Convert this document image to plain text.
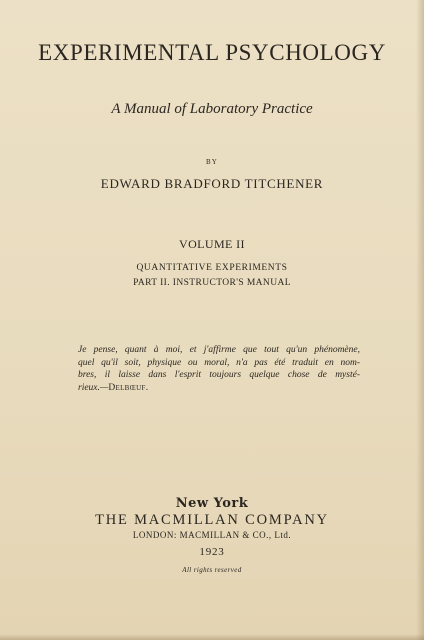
EXPERIMENTAL PSYCHOLOGY
A Manual of Laboratory Practice
BY
EDWARD BRADFORD TITCHENER
VOLUME II
QUANTITATIVE EXPERIMENTS
PART II. INSTRUCTOR'S MANUAL
Je pense, quant à moi, et j'affirme que tout qu'un phénomène,
quel qu'il soit, physique ou moral, n'a pas été traduit en nom-
bres, il laisse dans l'esprit toujours quelque chose de mysté-
rieux.—Delbœuf.
New York
THE MACMILLAN COMPANY
LONDON: MACMILLAN & CO., Ltd.
1923
All rights reserved
